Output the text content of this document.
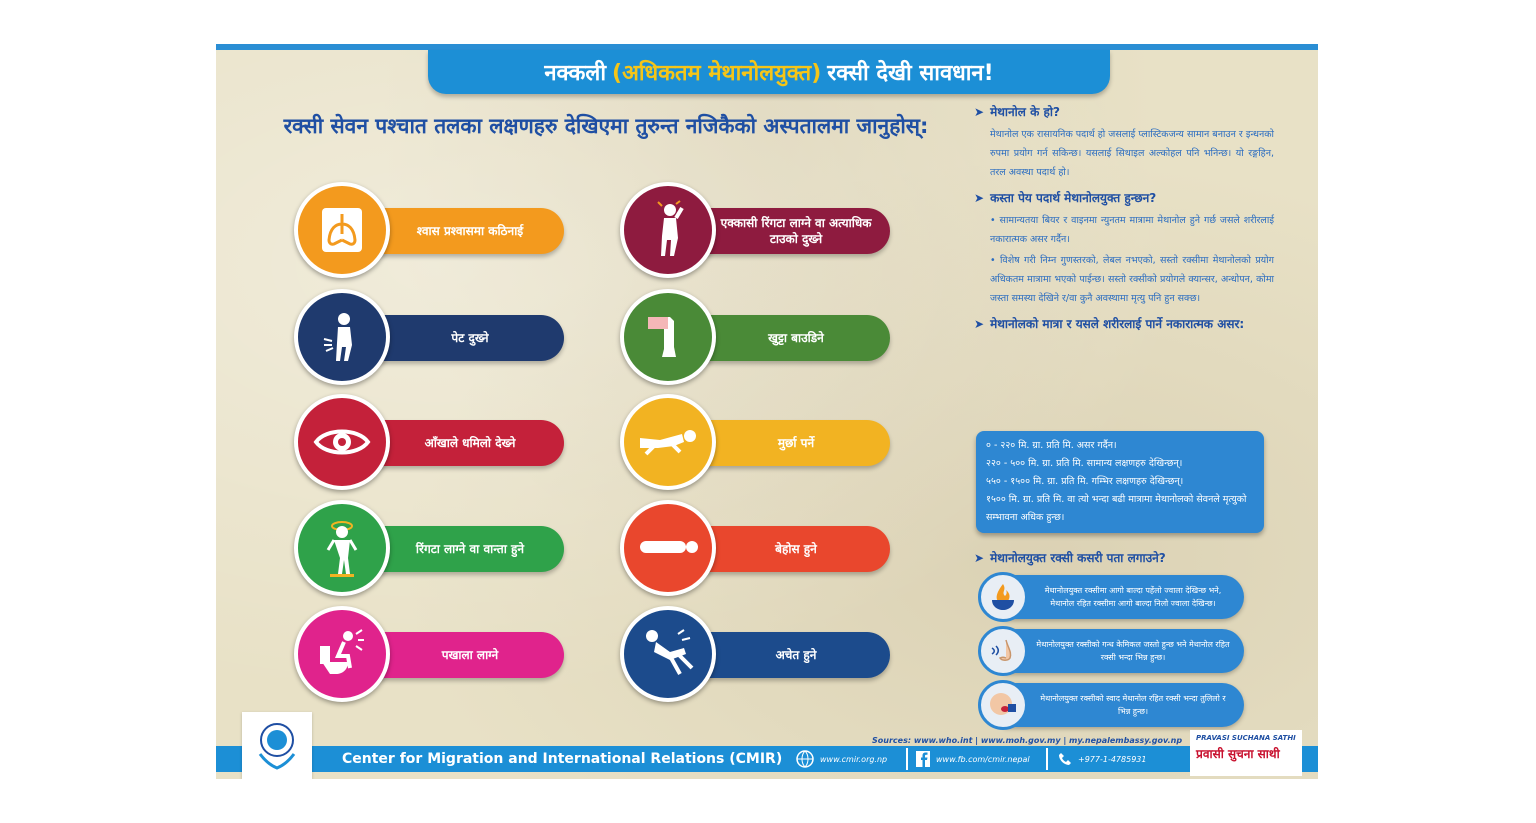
नक्कली (अधिकतम मेथानोलयुक्त) रक्सी देखी सावधान!
रक्सी सेवन पश्चात तलका लक्षणहरु देखिएमा तुरुन्त नजिकैको अस्पतालमा जानुहोस्:
श्वास प्रश्वासमा कठिनाई
पेट दुख्ने
आँखाले धमिलो देख्ने
रिंगटा लाग्ने वा वान्ता हुने
पखाला लाग्ने
एक्कासी रिंगटा लाग्ने वा अत्याधिक टाउको दुख्ने
खुट्टा बाउडिने
मुर्छा पर्ने
बेहोस हुने
अचेत हुने
➤ मेथानोल के हो?
मेथानोल एक रासायनिक पदार्थ हो जसलाई प्लास्टिकजन्य सामान बनाउन र इन्धनको रुपमा प्रयोग गर्न सकिन्छ। यसलाई सिथाइल अल्कोहल पनि भनिन्छ। यो रङ्गहिन, तरल अवस्था पदार्थ हो।
➤ कस्ता पेय पदार्थ मेथानोलयुक्त हुन्छन?
• सामान्यतया बियर र वाइनमा न्युनतम मात्रामा मेथानोल हुने गर्छ जसले शरीरलाई नकारात्मक असर गर्दैन।
• विशेष गरी निम्न गुणस्तरको, लेबल नभएको, सस्तो रक्सीमा मेथानोलको प्रयोग अधिकतम मात्रामा भएको पाईन्छ। सस्तो रक्सीको प्रयोगले क्यान्सर, अन्धोपन, कोमा जस्ता समस्या देखिने र/वा कुनै अवस्थामा मृत्यु पनि हुन सक्छ।
➤ मेथानोलको मात्रा र यसले शरीरलाई पार्ने नकारात्मक असर:
० - २२० मि. ग्रा. प्रति मि. असर गर्दैन।
२२० - ५०० मि. ग्रा. प्रति मि. सामान्य लक्षणहरु देखिन्छन्।
५५० - १५०० मि. ग्रा. प्रति मि. गम्भिर लक्षणहरु देखिन्छन्।
१५०० मि. ग्रा. प्रति मि. वा त्यो भन्दा बढी मात्रामा मेथानोलको सेवनले मृत्युको सम्भावना अधिक हुन्छ।
➤ मेथानोलयुक्त रक्सी कसरी पता लगाउने?
मेथानोलयुक्त रक्सीमा आगो बाल्दा पहेंलो ज्वाला देखिन्छ भने, मेथानोल रहित रक्सीमा आगो बाल्दा निलो ज्वाला देखिन्छ।
मेथानोलयुक्त रक्सीको गन्ध केमिकल जस्तो हुन्छ भने मेथानोल रहित रक्सी भन्दा भिन्न हुन्छ।
मेथानोलयुक्त रक्सीको स्वाद मेथानोल रहित रक्सी भन्दा तुलिलो र भिन्न हुन्छ।
Sources: www.who.int | www.moh.gov.my | my.nepalembassy.gov.np
Center for Migration and International Relations (CMIR)	www.cmir.org.np	www.fb.com/cmir.nepal	+977-1-4785931
PRAVASI SUCHANA SATHI
प्रवासी सुचना साथी
